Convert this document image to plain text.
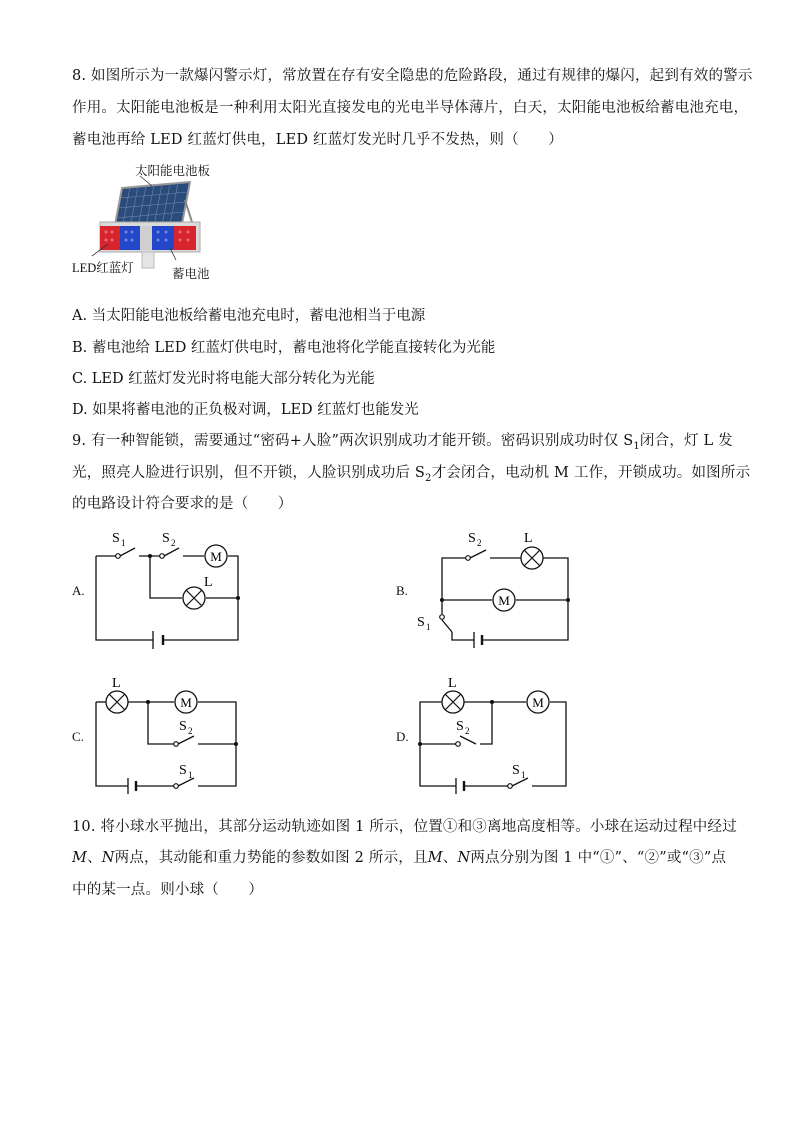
8. 如图所示为一款爆闪警示灯，常放置在存有安全隐患的危险路段，通过有规律的爆闪，起到有效的警示
作用。太阳能电池板是一种利用太阳光直接发电的光电半导体薄片，白天，太阳能电池板给蓄电池充电，
蓄电池再给 LED 红蓝灯供电，LED 红蓝灯发光时几乎不发热，则（　　）
太阳能电池板
LED红蓝灯	蓄电池
A. 当太阳能电池板给蓄电池充电时，蓄电池相当于电源
B. 蓄电池给 LED 红蓝灯供电时，蓄电池将化学能直接转化为光能
C. LED 红蓝灯发光时将电能大部分转化为光能
D. 如果将蓄电池的正负极对调，LED 红蓝灯也能发光
9. 有一种智能锁，需要通过“密码+人脸”两次识别成功才能开锁。密码识别成功时仅 $S_1$闭合，灯 L 发
光，照亮人脸进行识别，但不开锁，人脸识别成功后 $S_2$才会闭合，电动机 M 工作，开锁成功。如图所示
的电路设计符合要求的是（　　）
A.	B.
C.	D.
M
L
S 1	S 2
M
L
S 2
S 1
M
L
S 2
S 1
M
L
S 2
S 1
10. 将小球水平抛出，其部分运动轨迹如图 1 所示，位置①和③离地高度相等。小球在运动过程中经过
M、N两点，其动能和重力势能的参数如图 2 所示，且M、N两点分别为图 1 中“①”、“②”或“③”点
中的某一点。则小球（　　）
